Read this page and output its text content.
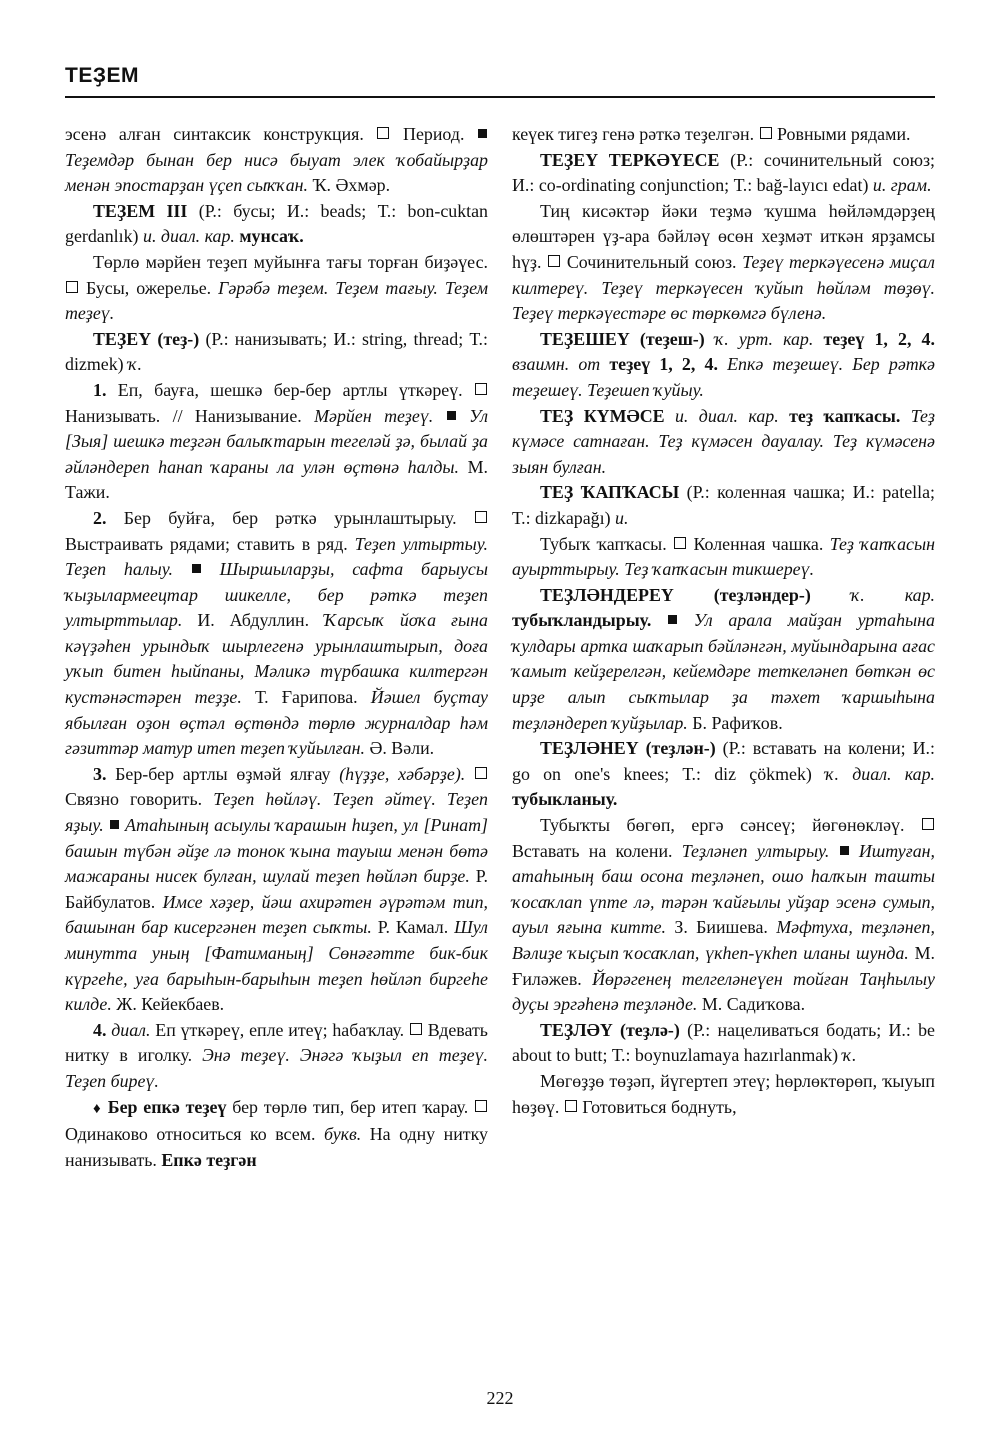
ТЕҘЕМ

эсенә алған синтаксик конструкция. Период.  Теҙемдәр бынан бер нисә быуат элек ҡобайырҙар менән эпостарҙан үҫеп сыҡҡан. Ҡ. Әхмәр.

ТЕҘЕМ III (Р.: бусы; И.: beads; Т.: bon-cuktan gerdanlık) и. диал. кар. мунсаҡ.

Төрлө мәрйен теҙеп муйынға тағы торған биҙәүес.  Бусы, ожерелье. Гәрәбә теҙем. Теҙем тағыу. Теҙем теҙеү.

ТЕҘЕҮ (теҙ-) (Р.: нанизывать; И.: string, thread; Т.: dizmek) ҡ.

1. Еп, бауға, шешкә бер-бер артлы үткәреү.  Нанизывать. // Нанизывание. Мәрйен теҙеү. Ул [Зыя] шешкә теҙгән балыҡтарын тегеләй ҙә, былай ҙа әйләндереп һанап ҡараны ла улән өҫтөнә һалды. М. Тажи.

2. Бер буйға, бер рәткә урынлаштырыу.  Выстраивать рядами; ставить в ряд. Теҙеп ултыртыу. Теҙеп һалыу.	Шыршыларҙы, сафта барыусы ҡыҙылармеецтар шикелле, бер рәткә теҙеп ултырттылар. И. Абдуллин. Ҡарсыҡ йоҡа ғына кәүҙәһен урындыҡ шырлегенә урынлаштырып, доға уҡып битен һыйпаны, Мәликә түрбашка килтергән кустәнәстәрен теҙҙе. Т. Ғарипова. Йәшел буҫтау ябылған оҙон өҫтәл өҫтөндә төрлө журналдар һәм гәзиттәр матур итеп теҙеп ҡуйылған. Ә. Вәли.

3. Бер-бер артлы өҙмәй ялғау (һүҙҙе, хәбәрҙе).  Связно говорить. Теҙеп һөйләү. Теҙеп әйтеү. Теҙеп яҙыу. Атаһының асыулы ҡарашын һиҙеп, ул [Ринат] башын түбән әйҙе лә тонок ҡына тауыш менән бөтә мажараны нисек булған, шулай теҙеп һөйләп бирҙе. Р. Байбулатов. Имсе хәҙер, йәш ахирәтен әүрәтәм тип, башынан бар кисергәнен теҙеп сыҡты. Р. Камал. Шул минутта уның [Фатиманың] Сөнәғәтте бик-бик күргеһе, уға барыһын-барыһын теҙеп һөйләп биргеһе килде. Ж. Кейекбаев.

4. диал. Еп үткәреү, епле итеү; һабаҡлау. Вдевать нитку в иголку. Энә теҙеү. Энәгә ҡыҙыл еп теҙеү. Теҙеп биреү.

♦ Бер епкә теҙеү бер төрлө тип, бер итеп ҡарау.  Одинаково относиться ко всем. букв. На одну нитку нанизывать. Епкә теҙгән

кеүек тигеҙ генә рәткә теҙелгән. Ровными рядами.

ТЕҘЕҮ ТЕРКӘҮЕСЕ (Р.: сочинительный союз; И.: co-ordinating conjunction; Т.: bağ-layıcı edat) и. грам.

Тиң кисәктәр йәки теҙмә ҡушма һөйләмдәрҙең өлөштәрен үҙ-ара бәйләү өсөн хеҙмәт иткән ярҙамсы һүҙ. Сочинительный союз. Теҙеү теркәүесенә миҫал килтереү. Теҙеү теркәүесен ҡуйып һөйләм төҙөү. Теҙеү теркәүестәре өс төркөмгә бүленә.

ТЕҘЕШЕҮ (теҙеш-) ҡ. урт. кар. теҙеү 1, 2, 4. взаимн. от теҙеү 1, 2, 4. Епкә теҙешеү. Бер рәткә теҙешеү. Теҙешеп ҡуйыу.

ТЕҘ КҮМӘСЕ и. диал. кар. теҙ ҡапҡасы. Теҙ күмәсе сатнаған. Теҙ күмәсен дауалау. Теҙ күмәсенә зыян булған.

ТЕҘ ҠАПҠАСЫ (Р.: коленная чашка; И.: patella; Т.: dizkapağı) и.

Тубыҡ ҡапҡасы. Коленная чашка. Теҙ ҡапҡасын ауырттырыу. Теҙ ҡапҡасын тикшереү.

ТЕҘЛӘНДЕРЕҮ (теҙләндер-) ҡ. кар. тубыҡландырыу. Ул арала майҙан уртаһына ҡулдары артка шаҡарып бәйләнгән, муйындарына ағас ҡамыт кейҙерелгән, кейемдәре теткеләнеп бөткән өс ирҙе алып сыҡтылар ҙа тәхет ҡаршыһына теҙләндереп ҡуйҙылар. Б. Рафиҡов.

ТЕҘЛӘНЕҮ (теҙлән-) (Р.: вставать на колени; И.: go on one's knees; Т.: diz çökmek) ҡ. диал. кар. тубыкланыу.

Тубыҡты бөгөп, ергә сәнсеү; йөгөнөкләү.  Вставать на колени. Теҙләнеп ултырыу. Иштуған, атаһының баш осона теҙләнеп, ошо һалҡын ташты ҡосаҡлап үпте лә, тәрән ҡайғылы уйҙар эсенә сумып, ауыл яғына китте. З. Биишева. Мәфтуха, теҙләнеп, Вәлиҙе ҡыҫып ҡосаҡлап, үкһеп-үкһеп иланы шунда. М. Ғиләжев. Йөрәгенең телгеләнеүен тойған Таңһылыу дуҫы эргәһенә теҙләнде. М. Садиҡова.

ТЕҘЛӘҮ (теҙлә-) (Р.: нацеливаться бодать; И.: be about to butt; Т.: boynuzlamaya hazırlanmak) ҡ.

Мөгөҙҙө төҙәп, йүгертеп этеү; һөрлөктөрөп, ҡыуып һөҙөү. Готовиться боднуть,

222
